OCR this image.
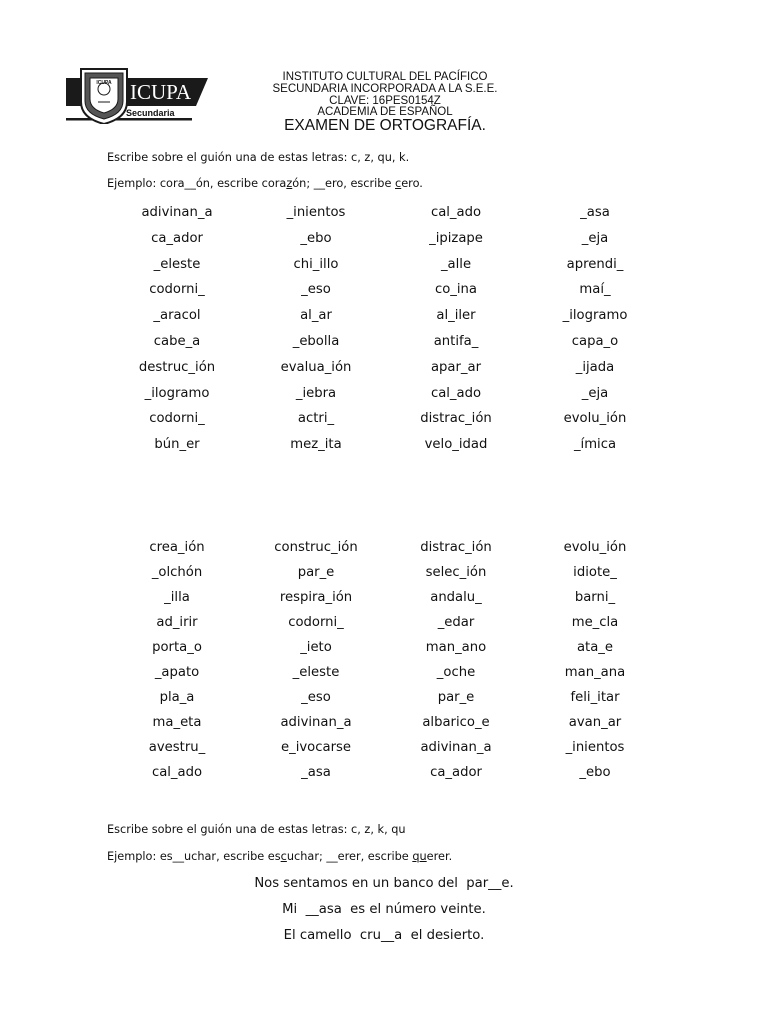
ICUPA ICUPA
Secundaria
INSTITUTO CULTURAL DEL PACÍFICO
SECUNDARIA INCORPORADA A LA S.E.E.
CLAVE: 16PES0154Z
ACADEMIA DE ESPAÑOL
EXAMEN DE ORTOGRAFÍA.
Escribe sobre el guión una de estas letras: c, z, qu, k.
Ejemplo: cora__ón, escribe corazón; __ero, escribe cero.
adivinan_a	_inientos	cal_ado	_asa
ca_ador	_ebo	_ipizape	_eja
_eleste	chi_illo	_alle	aprendi_
codorni_	_eso	co_ina	maí_
_aracol	al_ar	al_iler	_ilogramo
cabe_a	_ebolla	antifa_	capa_o
destruc_ión	evalua_ión	apar_ar	_ijada
_ilogramo	_iebra	cal_ado	_eja
codorni_	actri_	distrac_ión	evolu_ión
bún_er	mez_ita	velo_idad	_ímica
crea_ión	construc_ión	distrac_ión	evolu_ión
_olchón	par_e	selec_ión	idiote_
_illa	respira_ión	andalu_	barni_
ad_irir	codorni_	_edar	me_cla
porta_o	_ieto	man_ano	ata_e
_apato	_eleste	_oche	man_ana
pla_a	_eso	par_e	feli_itar
ma_eta	adivinan_a	albarico_e	avan_ar
avestru_	e_ivocarse	adivinan_a	_inientos
cal_ado	_asa	ca_ador	_ebo
Escribe sobre el guión una de estas letras: c, z, k, qu
Ejemplo: es__uchar, escribe escuchar; __erer, escribe querer.
Nos sentamos en un banco del  par__e.
Mi  __asa  es el número veinte.
El camello  cru__a  el desierto.
